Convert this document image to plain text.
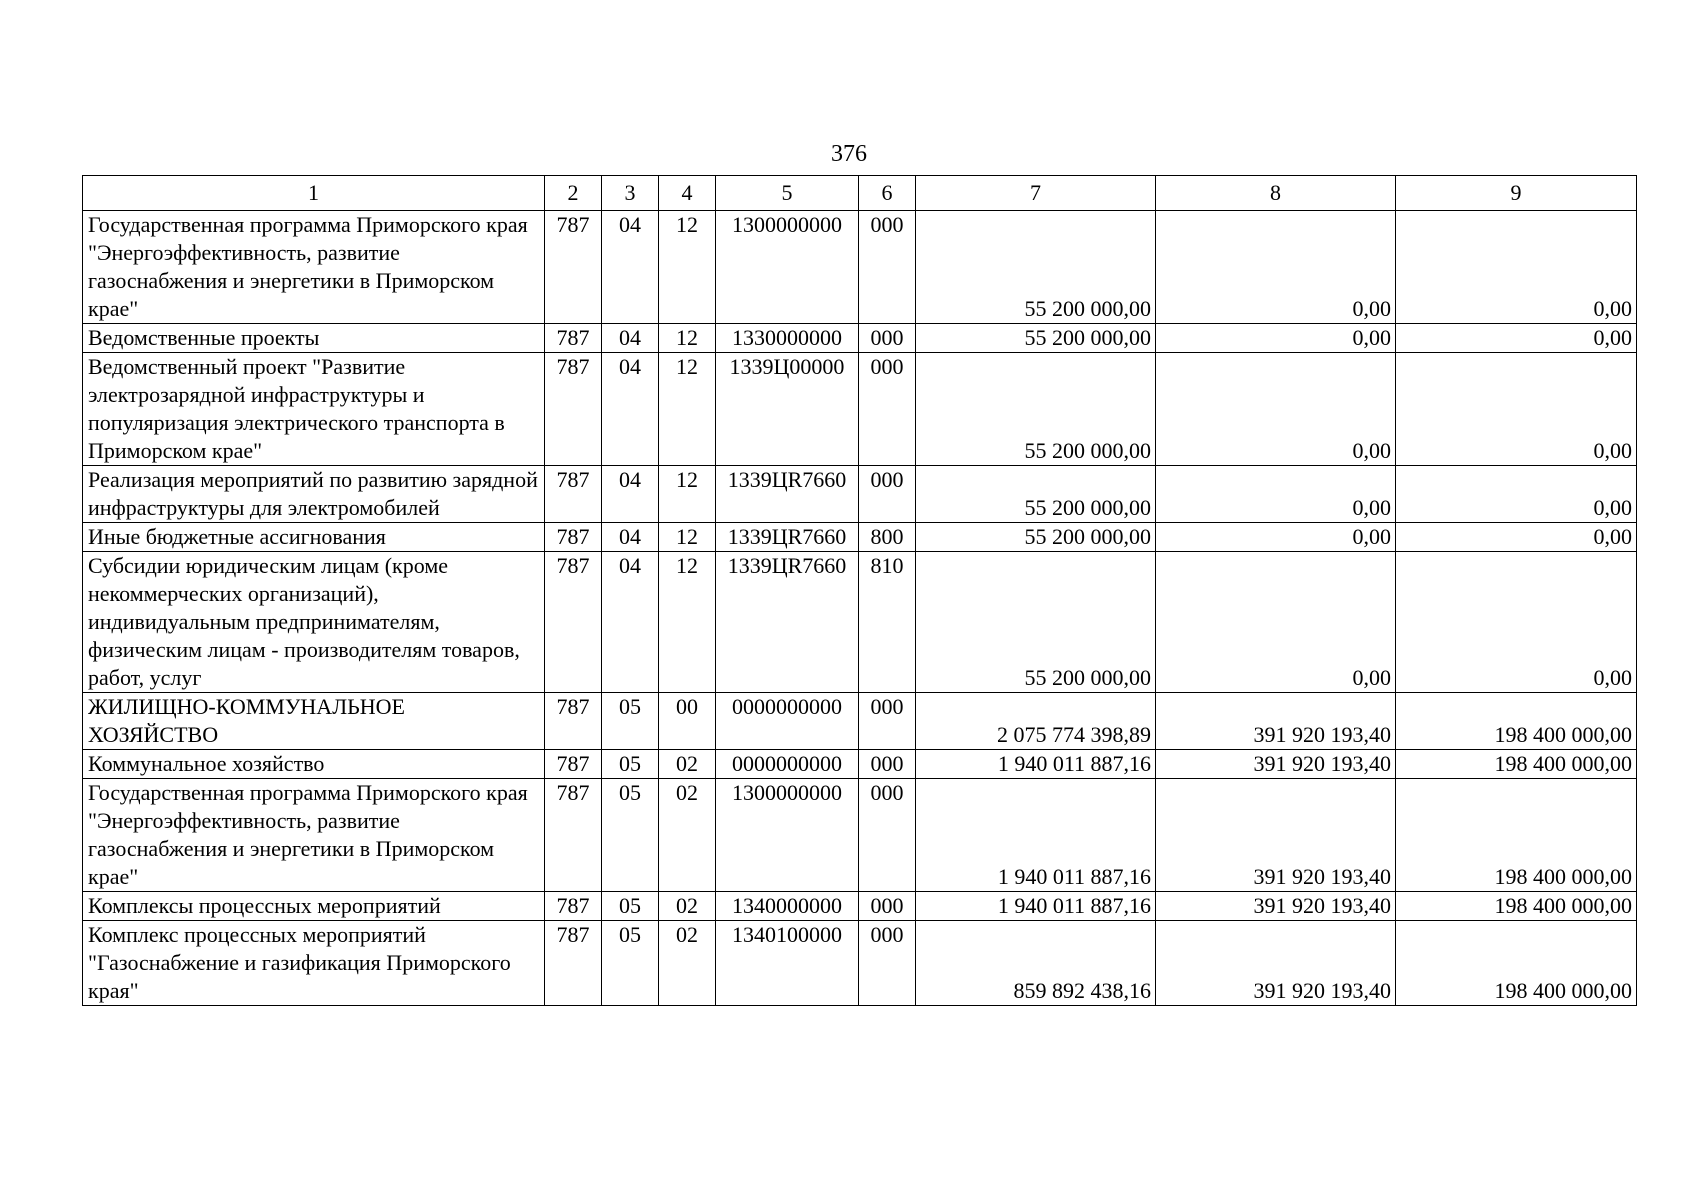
376
1	2	3	4	5	6	7	8	9
Государственная программа Приморского края "Энергоэффективность, развитие газоснабжения и энергетики в Приморском крае"	787	04	12	1300000000	000	55 200 000,00	0,00	0,00
Ведомственные проекты	787	04	12	1330000000	000	55 200 000,00	0,00	0,00
Ведомственный проект "Развитие электрозарядной инфраструктуры и популяризация электрического транспорта в Приморском крае"	787	04	12	1339Ц00000	000	55 200 000,00	0,00	0,00
Реализация мероприятий по развитию зарядной инфраструктуры для электромобилей	787	04	12	1339ЦR7660	000	55 200 000,00	0,00	0,00
Иные бюджетные ассигнования	787	04	12	1339ЦR7660	800	55 200 000,00	0,00	0,00
Субсидии юридическим лицам (кроме некоммерческих организаций), индивидуальным предпринимателям, физическим лицам - производителям товаров, работ, услуг	787	04	12	1339ЦR7660	810	55 200 000,00	0,00	0,00
ЖИЛИЩНО-КОММУНАЛЬНОЕ ХОЗЯЙСТВО	787	05	00	0000000000	000	2 075 774 398,89	391 920 193,40	198 400 000,00
Коммунальное хозяйство	787	05	02	0000000000	000	1 940 011 887,16	391 920 193,40	198 400 000,00
Государственная программа Приморского края "Энергоэффективность, развитие газоснабжения и энергетики в Приморском крае"	787	05	02	1300000000	000	1 940 011 887,16	391 920 193,40	198 400 000,00
Комплексы процессных мероприятий	787	05	02	1340000000	000	1 940 011 887,16	391 920 193,40	198 400 000,00
Комплекс процессных мероприятий "Газоснабжение и газификация Приморского края"	787	05	02	1340100000	000	859 892 438,16	391 920 193,40	198 400 000,00
